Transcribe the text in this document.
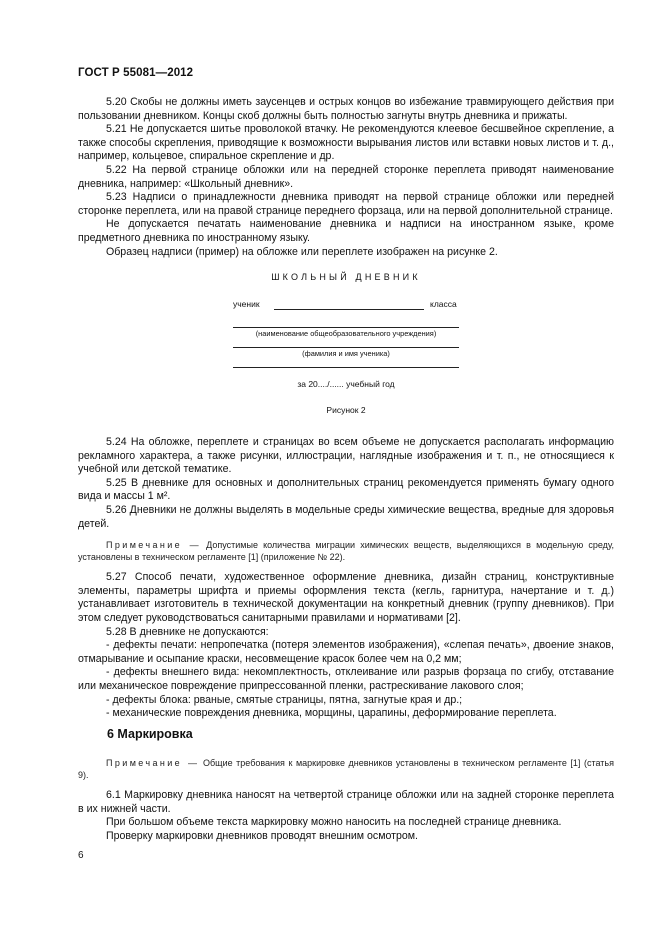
ГОСТ Р 55081—2012

5.20 Скобы не должны иметь заусенцев и острых концов во избежание травмирующего действия при пользовании дневником. Концы скоб должны быть полностью загнуты внутрь дневника и прижаты.

5.21 Не допускается шитье проволокой втачку. Не рекомендуются клеевое бесшвейное скрепление, а также способы скрепления, приводящие к возможности вырывания листов или вставки новых листов и т. д., например, кольцевое, спиральное скрепление и др.

5.22 На первой странице обложки или на передней сторонке переплета приводят наименование дневника, например: «Школьный дневник».

5.23 Надписи о принадлежности дневника приводят на первой странице обложки или передней сторонке переплета, или на правой странице переднего форзаца, или на первой дополнительной странице.

Не допускается печатать наименование дневника и надписи на иностранном языке, кроме предметного дневника по иностранному языку.

Образец надписи (пример) на обложке или переплете изображен на рисунке 2.

ШКОЛЬНЫЙ ДНЕВНИК
ученик	класса
(наименование общеобразовательного учреждения)
(фамилия и имя ученика)
за 20..../...... учебный год
Рисунок 2

5.24 На обложке, переплете и страницах во всем объеме не допускается располагать информацию рекламного характера, а также рисунки, иллюстрации, наглядные изображения и т. п., не относящиеся к учебной или детской тематике.

5.25 В дневнике для основных и дополнительных страниц рекомендуется применять бумагу одного вида и массы 1 м².

5.26 Дневники не должны выделять в модельные среды химические вещества, вредные для здоровья детей.

Примечание — Допустимые количества миграции химических веществ, выделяющихся в модельную среду, установлены в техническом регламенте [1] (приложение № 22).

5.27 Способ печати, художественное оформление дневника, дизайн страниц, конструктивные элементы, параметры шрифта и приемы оформления текста (кегль, гарнитура, начертание и т. д.) устанавливает изготовитель в технической документации на конкретный дневник (группу дневников). При этом следует руководствоваться санитарными правилами и нормативами [2].

5.28 В дневнике не допускаются:

- дефекты печати: непропечатка (потеря элементов изображения), «слепая печать», двоение знаков, отмарывание и осыпание краски, несовмещение красок более чем на 0,2 мм;

- дефекты внешнего вида: некомплектность, отклеивание или разрыв форзаца по сгибу, отставание или механическое повреждение припрессованной пленки, растрескивание лакового слоя;

- дефекты блока: рваные, смятые страницы, пятна, загнутые края и др.;

- механические повреждения дневника, морщины, царапины, деформирование переплета.

6 Маркировка

Примечание — Общие требования к маркировке дневников установлены в техническом регламенте [1] (статья 9).

6.1 Маркировку дневника наносят на четвертой странице обложки или на задней сторонке переплета в их нижней части.

При большом объеме текста маркировку можно наносить на последней странице дневника.

Проверку маркировки дневников проводят внешним осмотром.

6
